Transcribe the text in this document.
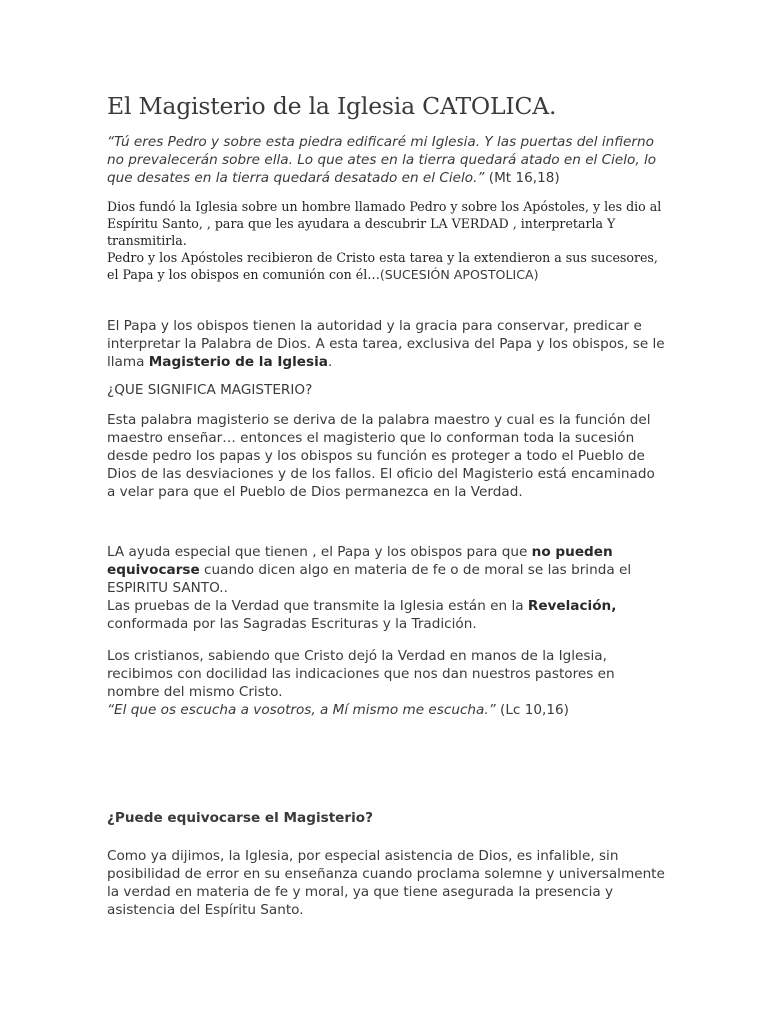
El Magisterio de la Iglesia CATOLICA.

“Tú eres Pedro y sobre esta piedra edificaré mi Iglesia. Y las puertas del infierno no prevalecerán sobre ella. Lo que ates en la tierra quedará atado en el Cielo, lo que desates en la tierra quedará desatado en el Cielo.” (Mt 16,18)

Dios fundó la Iglesia sobre un hombre llamado Pedro y sobre los Apóstoles, y les dio al Espíritu Santo, , para que les ayudara a descubrir LA VERDAD , interpretarla Y transmitirla.

Pedro y los Apóstoles recibieron de Cristo esta tarea y la extendieron a sus sucesores, el Papa y los obispos en comunión con él…(SUCESIÓN APOSTOLICA)

El Papa y los obispos tienen la autoridad y la gracia para conservar, predicar e interpretar la Palabra de Dios. A esta tarea, exclusiva del Papa y los obispos, se le llama Magisterio de la Iglesia.

¿QUE SIGNIFICA MAGISTERIO?

Esta palabra magisterio se deriva de la palabra maestro y cual es la función del maestro enseñar… entonces el magisterio que lo conforman toda la sucesión desde pedro los papas y los obispos su función es proteger a todo el Pueblo de Dios de las desviaciones y de los fallos. El oficio del Magisterio está encaminado a velar para que el Pueblo de Dios permanezca en la Verdad.

LA ayuda especial que tienen , el Papa y los obispos para que no pueden equivocarse cuando dicen algo en materia de fe o de moral se las brinda el ESPIRITU SANTO..

Las pruebas de la Verdad que transmite la Iglesia están en la Revelación, conformada por las Sagradas Escrituras y la Tradición.

Los cristianos, sabiendo que Cristo dejó la Verdad en manos de la Iglesia, recibimos con docilidad las indicaciones que nos dan nuestros pastores en nombre del mismo Cristo.

“El que os escucha a vosotros, a Mí mismo me escucha.” (Lc 10,16)

¿Puede equivocarse el Magisterio?

Como ya dijimos, la Iglesia, por especial asistencia de Dios, es infalible, sin posibilidad de error en su enseñanza cuando proclama solemne y universalmente la verdad en materia de fe y moral, ya que tiene asegurada la presencia y asistencia del Espíritu Santo.
